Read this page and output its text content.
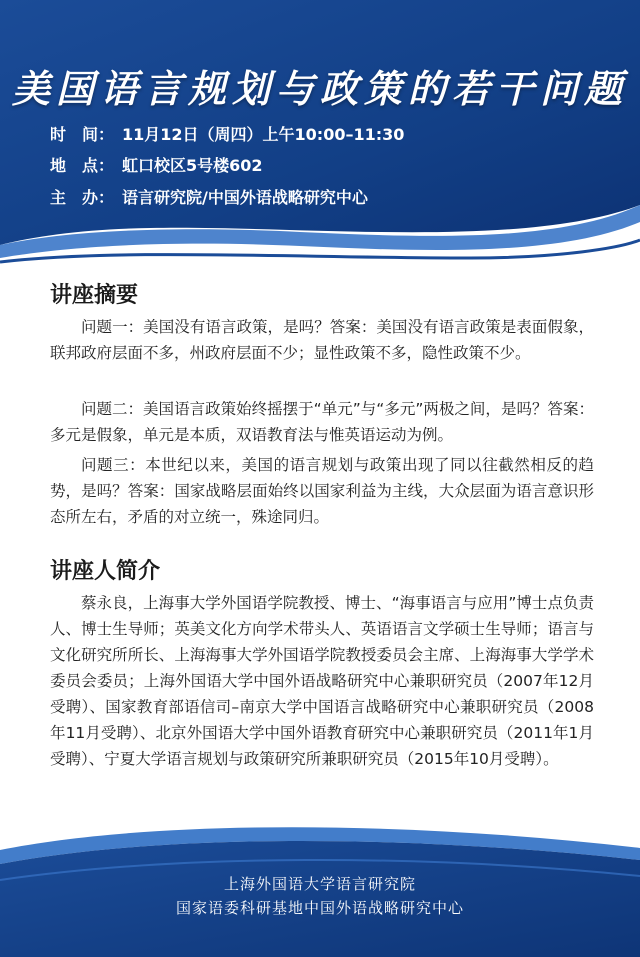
美国语言规划与政策的若干问题
时　间： 11月12日（周四）上午10:00–11:30
地　点： 虹口校区5号楼602
主　办： 语言研究院/中国外语战略研究中心
讲座摘要

问题一：美国没有语言政策，是吗？答案：美国没有语言政策是表面假象，联邦政府层面不多，州政府层面不少；显性政策不多，隐性政策不少。

问题二：美国语言政策始终摇摆于“单元”与“多元”两极之间，是吗？答案：多元是假象，单元是本质，双语教育法与惟英语运动为例。

问题三：本世纪以来，美国的语言规划与政策出现了同以往截然相反的趋势，是吗？答案：国家战略层面始终以国家利益为主线，大众层面为语言意识形态所左右，矛盾的对立统一，殊途同归。

讲座人简介

蔡永良，上海事大学外国语学院教授、博士、“海事语言与应用”博士点负责人、博士生导师；英美文化方向学术带头人、英语语言文学硕士生导师；语言与文化研究所所长、上海海事大学外国语学院教授委员会主席、上海海事大学学术委员会委员；上海外国语大学中国外语战略研究中心兼职研究员（2007年12月受聘）、国家教育部语信司–南京大学中国语言战略研究中心兼职研究员（2008年11月受聘）、北京外国语大学中国外语教育研究中心兼职研究员（2011年1月受聘）、宁夏大学语言规划与政策研究所兼职研究员（2015年10月受聘）。

上海外国语大学语言研究院
国家语委科研基地中国外语战略研究中心
